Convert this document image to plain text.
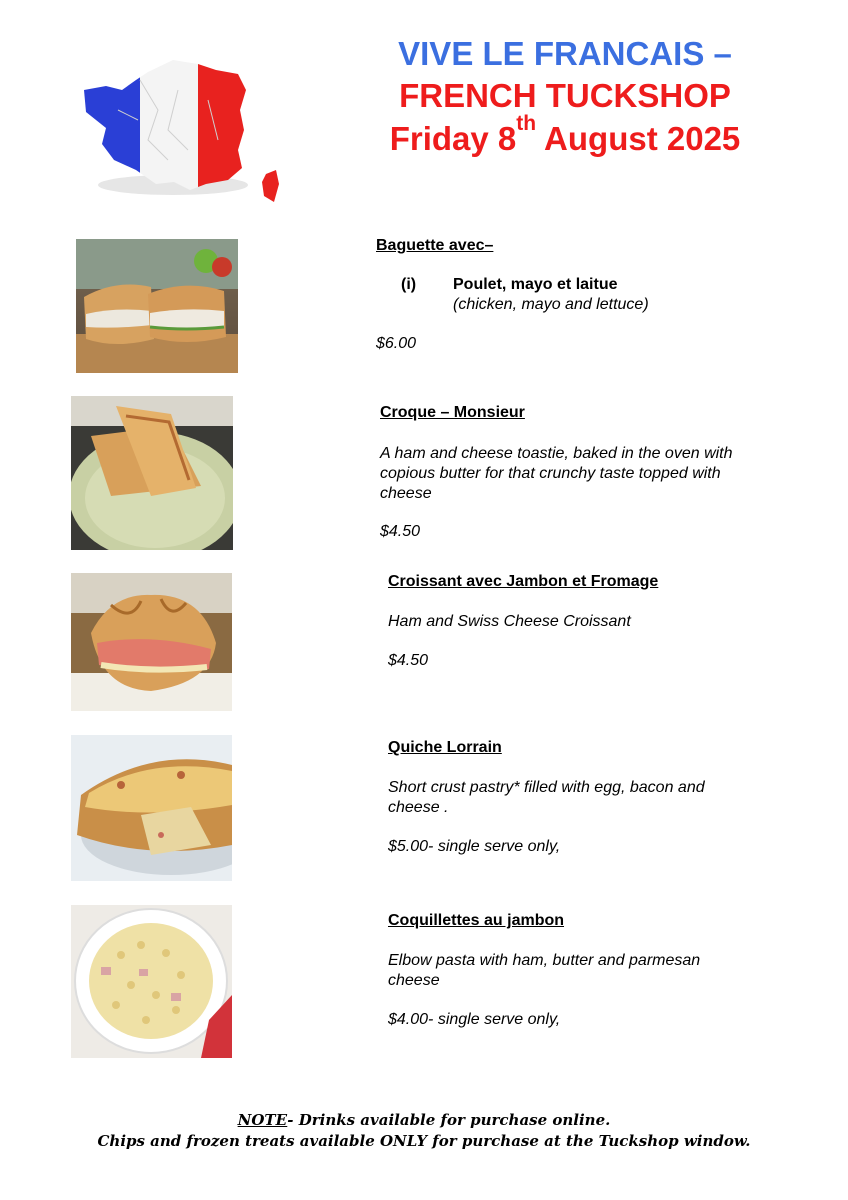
VIVE LE FRANCAIS –
FRENCH TUCKSHOP
Friday 8th August 2025
Baguette avec–
(i) Poulet, mayo et laitue
(chicken, mayo and lettuce)
$6.00
Croque – Monsieur
A ham and cheese toastie, baked in the oven with copious butter for that crunchy taste topped with cheese
$4.50
Croissant avec Jambon et Fromage
Ham and Swiss Cheese Croissant
$4.50
Quiche Lorrain
Short crust pastry* filled with egg, bacon and cheese .
$5.00- single serve only,
Coquillettes au jambon
Elbow pasta with ham, butter and parmesan cheese
$4.00- single serve only,
NOTE- Drinks available for purchase online.
Chips and frozen treats available ONLY for purchase at the Tuckshop window.
